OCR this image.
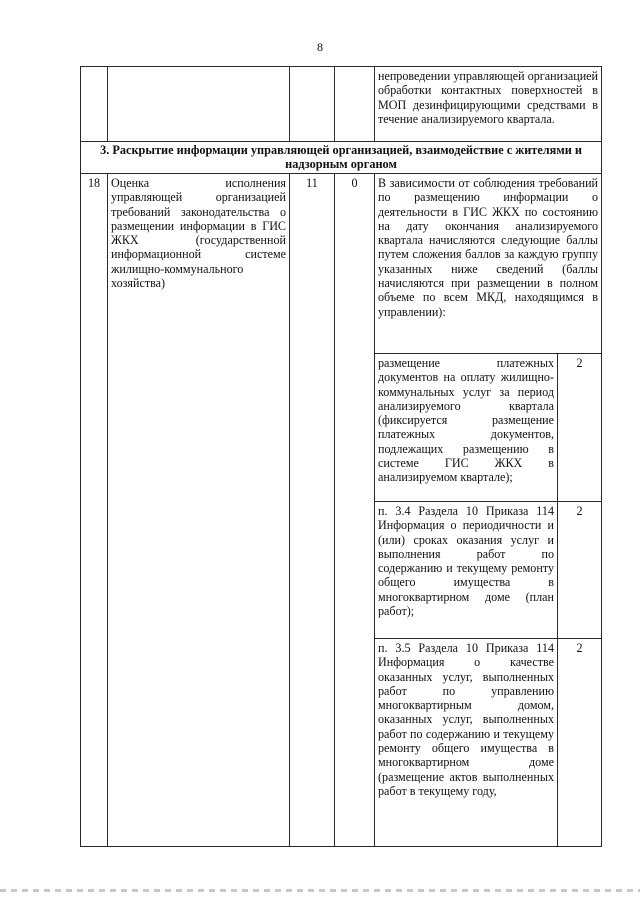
8
				непроведении управляющей организацией обработки контактных поверхностей в МОП дезинфицирующими средствами в течение анализируемого квартала.	
3. Раскрытие информации управляющей организацией, взаимодействие с жителями и надзорным органом					
18	Оценка исполнения управляющей организацией требований законодательства о размещении информации в ГИС ЖКХ (государственной информационной системе жилищно-коммунального хозяйства)	11	0	В зависимости от соблюдения требований по размещению информации о деятельности в ГИС ЖКХ по состоянию на дату окончания анализируемого квартала начисляются следующие баллы путем сложения баллов за каждую группу указанных ниже сведений (баллы начисляются при размещении в полном объеме по всем МКД, находящимся в управлении):	
				размещение платежных документов на оплату жилищно-коммунальных услуг за период анализируемого квартала (фиксируется размещение платежных документов, подлежащих размещению в системе ГИС ЖКХ в анализируемом квартале);	2
				п. 3.4 Раздела 10 Приказа 114 Информация о периодичности и (или) сроках оказания услуг и выполнения работ по содержанию и текущему ремонту общего имущества в многоквартирном доме (план работ);	2
				п. 3.5 Раздела 10 Приказа 114 Информация о качестве оказанных услуг, выполненных работ по управлению многоквартирным домом, оказанных услуг, выполненных работ по содержанию и текущему ремонту общего имущества в многоквартирном доме (размещение актов выполненных работ в текущему году,	2
